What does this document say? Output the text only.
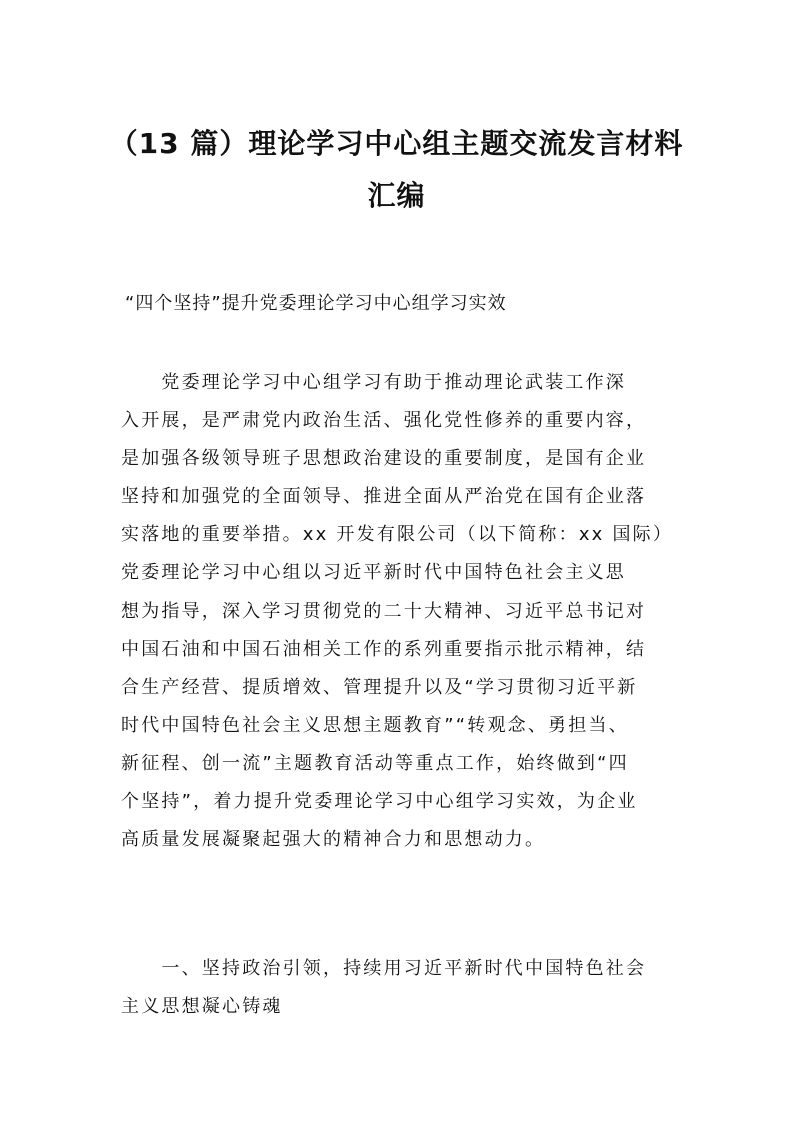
（13 篇）理论学习中心组主题交流发言材料
汇编
“四个坚持”提升党委理论学习中心组学习实效
　　党委理论学习中心组学习有助于推动理论武装工作深
入开展，是严肃党内政治生活、强化党性修养的重要内容，
是加强各级领导班子思想政治建设的重要制度，是国有企业
坚持和加强党的全面领导、推进全面从严治党在国有企业落
实落地的重要举措。xx 开发有限公司（以下简称：xx 国际）
党委理论学习中心组以习近平新时代中国特色社会主义思
想为指导，深入学习贯彻党的二十大精神、习近平总书记对
中国石油和中国石油相关工作的系列重要指示批示精神，结
合生产经营、提质增效、管理提升以及“学习贯彻习近平新
时代中国特色社会主义思想主题教育”“转观念、勇担当、
新征程、创一流”主题教育活动等重点工作，始终做到“四
个坚持”，着力提升党委理论学习中心组学习实效，为企业
高质量发展凝聚起强大的精神合力和思想动力。
　　一、坚持政治引领，持续用习近平新时代中国特色社会
主义思想凝心铸魂
